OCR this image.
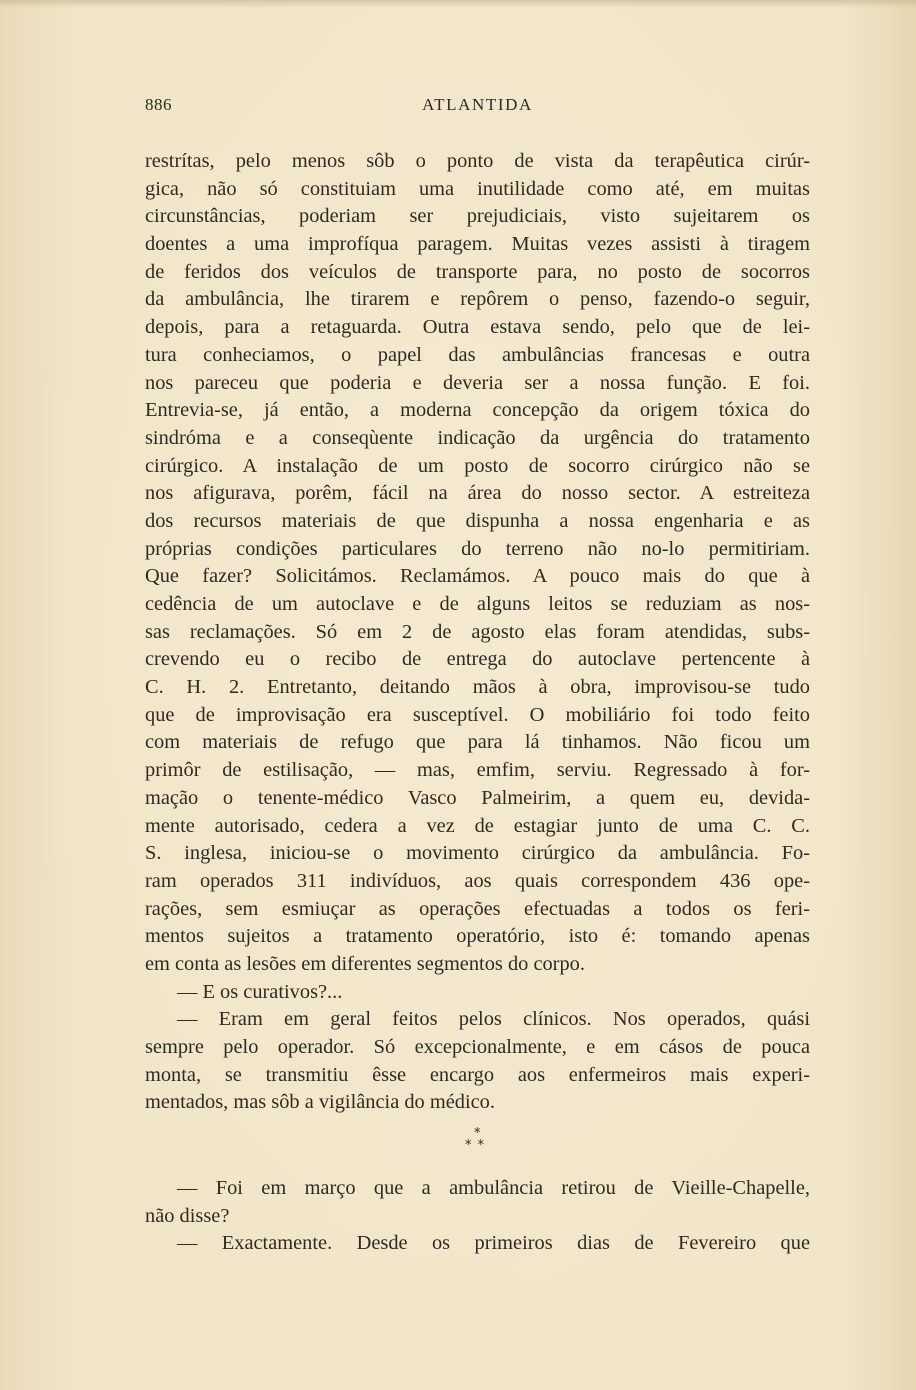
886	ATLANTIDA
restrítas, pelo menos sôb o ponto de vista da terapêutica cirúr-
gica, não só constituiam uma inutilidade como até, em muitas
circunstâncias, poderiam ser prejudiciais, visto sujeitarem os
doentes a uma improfíqua paragem. Muitas vezes assisti à tiragem
de feridos dos veículos de transporte para, no posto de socorros
da ambulância, lhe tirarem e repôrem o penso, fazendo-o seguir,
depois, para a retaguarda. Outra estava sendo, pelo que de lei-
tura conheciamos, o papel das ambulâncias francesas e outra
nos pareceu que poderia e deveria ser a nossa função. E foi.
Entrevia-se, já então, a moderna concepção da origem tóxica do
sindróma e a conseqùente indicação da urgência do tratamento
cirúrgico. A instalação de um posto de socorro cirúrgico não se
nos afigurava, porêm, fácil na área do nosso sector. A estreiteza
dos recursos materiais de que dispunha a nossa engenharia e as
próprias condições particulares do terreno não no-lo permitiriam.
Que fazer? Solicitámos. Reclamámos. A pouco mais do que à
cedência de um autoclave e de alguns leitos se reduziam as nos-
sas reclamações. Só em 2 de agosto elas foram atendidas, subs-
crevendo eu o recibo de entrega do autoclave pertencente à
C. H. 2. Entretanto, deitando mãos à obra, improvisou-se tudo
que de improvisação era susceptível. O mobiliário foi todo feito
com materiais de refugo que para lá tinhamos. Não ficou um
primôr de estilisação, — mas, emfim, serviu. Regressado à for-
mação o tenente-médico Vasco Palmeirim, a quem eu, devida-
mente autorisado, cedera a vez de estagiar junto de uma C. C.
S. inglesa, iniciou-se o movimento cirúrgico da ambulância. Fo-
ram operados 311 indivíduos, aos quais correspondem 436 ope-
rações, sem esmiuçar as operações efectuadas a todos os feri-
mentos sujeitos a tratamento operatório, isto é: tomando apenas
em conta as lesões em diferentes segmentos do corpo.
— E os curativos?...
— Eram em geral feitos pelos clínicos. Nos operados, quási
sempre pelo operador. Só excepcionalmente, e em cásos de pouca
monta, se transmitiu êsse encargo aos enfermeiros mais experi-
mentados, mas sôb a vigilância do médico.
*
**
— Foi em março que a ambulância retirou de Vieille-Chapelle,
não disse?
— Exactamente. Desde os primeiros dias de Fevereiro que
